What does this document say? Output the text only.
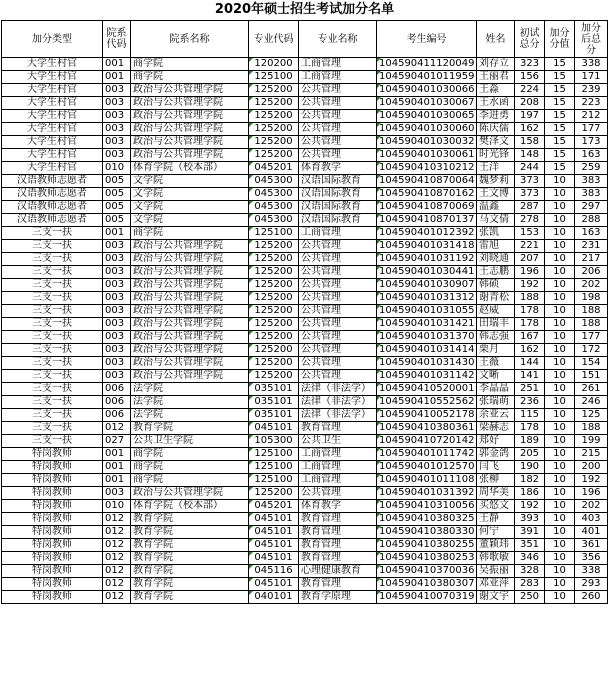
2020年硕士招生考试加分名单
加分类型	院系代码	院系名称	专业代码	专业名称	考生编号	姓名	初试总分	加分分值	加分后总分
大学生村官	001	商学院	120200	工商管理	104590411120049	刘存立	323	15	338
大学生村官	001	商学院	125100	工商管理	104590401011959	王丽君	156	15	171
大学生村官	003	政治与公共管理学院	125200	公共管理	104590401030066	王淼	224	15	239
大学生村官	003	政治与公共管理学院	125200	公共管理	104590401030067	王水函	208	15	223
大学生村官	003	政治与公共管理学院	125200	公共管理	104590401030065	李进勇	197	15	212
大学生村官	003	政治与公共管理学院	125200	公共管理	104590401030060	陈庆儒	162	15	177
大学生村官	003	政治与公共管理学院	125200	公共管理	104590401030032	樊泽文	158	15	173
大学生村官	003	政治与公共管理学院	125200	公共管理	104590401030061	时光锋	148	15	163
大学生村官	010	体育学院（校本部）	045201	体育教学	104590410310212	王洋	244	15	259
汉语教师志愿者	005	文学院	045300	汉语国际教育	104590410870064	魏梦莉	373	10	383
汉语教师志愿者	005	文学院	045300	汉语国际教育	104590410870162	王文博	373	10	383
汉语教师志愿者	005	文学院	045300	汉语国际教育	104590410870069	温鑫	287	10	297
汉语教师志愿者	005	文学院	045300	汉语国际教育	104590410870137	马文倩	278	10	288
三支一扶	001	商学院	125100	工商管理	104590401012392	张凯	153	10	163
三支一扶	003	政治与公共管理学院	125200	公共管理	104590401031418	雷旭	221	10	231
三支一扶	003	政治与公共管理学院	125200	公共管理	104590401031192	刘晓通	207	10	217
三支一扶	003	政治与公共管理学院	125200	公共管理	104590401030441	王志鹏	196	10	206
三支一扶	003	政治与公共管理学院	125200	公共管理	104590401030907	韩硕	192	10	202
三支一扶	003	政治与公共管理学院	125200	公共管理	104590401031312	谢青松	188	10	198
三支一扶	003	政治与公共管理学院	125200	公共管理	104590401031055	赵威	178	10	188
三支一扶	003	政治与公共管理学院	125200	公共管理	104590401031421	田瑞丰	178	10	188
三支一扶	003	政治与公共管理学院	125200	公共管理	104590401031370	韩志强	167	10	177
三支一扶	003	政治与公共管理学院	125200	公共管理	104590401031414	栗月	162	10	172
三支一扶	003	政治与公共管理学院	125200	公共管理	104590401031430	王薇	144	10	154
三支一扶	003	政治与公共管理学院	125200	公共管理	104590401031142	文晰	141	10	151
三支一扶	006	法学院	035101	法律（非法学）	104590410520001	李晶晶	251	10	261
三支一扶	006	法学院	035101	法律（非法学）	104590410552562	张瑞萌	236	10	246
三支一扶	006	法学院	035101	法律（非法学）	104590410052178	余亚云	115	10	125
三支一扶	012	教育学院	045101	教育管理	104590410380361	梁赫志	178	10	188
三支一扶	027	公共卫生学院	105300	公共卫生	104590410720142	郑好	189	10	199
特岗教师	001	商学院	125100	工商管理	104590401011742	郭金鸽	205	10	215
特岗教师	001	商学院	125100	工商管理	104590401012570	闫飞	190	10	200
特岗教师	001	商学院	125100	工商管理	104590401011108	张柳	182	10	192
特岗教师	003	政治与公共管理学院	125200	公共管理	104590401031392	周华美	186	10	196
特岗教师	010	体育学院（校本部）	045201	体育教学	104590410310056	买悠文	192	10	202
特岗教师	012	教育学院	045101	教育管理	104590410380325	王静	393	10	403
特岗教师	012	教育学院	045101	教育管理	104590410380330	何宁	391	10	401
特岗教师	012	教育学院	045101	教育管理	104590410380255	董颖玮	351	10	361
特岗教师	012	教育学院	045101	教育管理	104590410380253	韩歌敏	346	10	356
特岗教师	012	教育学院	045116	心理健康教育	104590410370036	吴振丽	328	10	338
特岗教师	012	教育学院	045101	教育管理	104590410380307	邓亚萍	283	10	293
特岗教师	012	教育学院	040101	教育学原理	104590410070319	谢文宇	250	10	260
